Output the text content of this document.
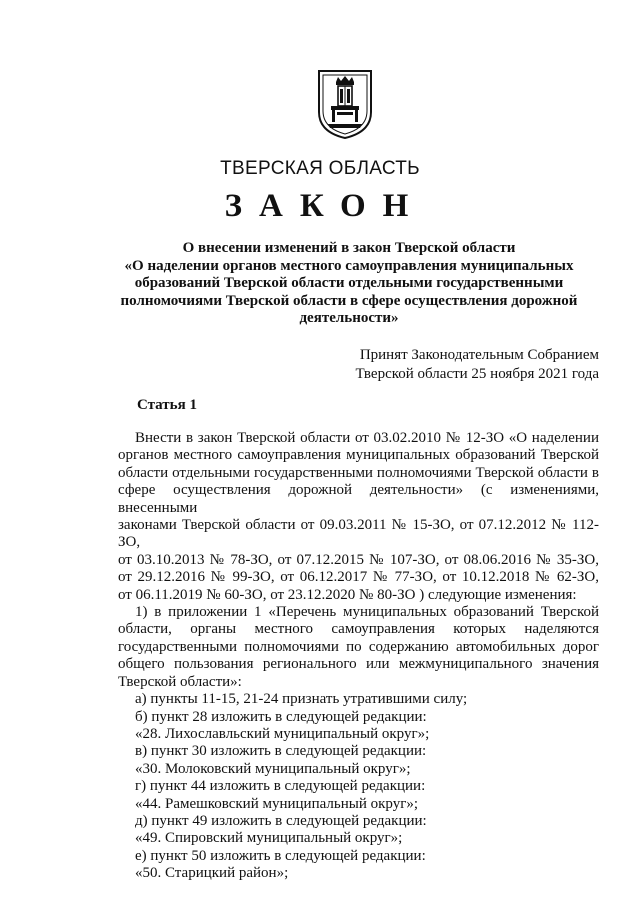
ТВЕРСКАЯ ОБЛАСТЬ
ЗАКОН
О внесении изменений в закон Тверской области
«О наделении органов местного самоуправления муниципальных
образований Тверской области отдельными государственными
полномочиями Тверской области в сфере осуществления дорожной
деятельности»
Принят Законодательным Собранием
Тверской области 25 ноября 2021 года
Статья 1
Внести в закон Тверской области от 03.02.2010 № 12-ЗО «О наделении
органов местного самоуправления муниципальных образований Тверской
области отдельными государственными полномочиями Тверской области в
сфере осуществления дорожной деятельности» (с изменениями, внесенными
законами Тверской области от 09.03.2011 № 15-ЗО, от 07.12.2012 № 112-ЗО,
от 03.10.2013 № 78-ЗО, от 07.12.2015 № 107-ЗО, от 08.06.2016 № 35-ЗО,
от 29.12.2016 № 99-ЗО, от 06.12.2017 № 77-ЗО, от 10.12.2018 № 62-ЗО,
от 06.11.2019 № 60-ЗО, от 23.12.2020 № 80-ЗО ) следующие изменения:
1) в приложении 1 «Перечень муниципальных образований Тверской
области, органы местного самоуправления которых наделяются
государственными полномочиями по содержанию автомобильных дорог
общего пользования регионального или межмуниципального значения
Тверской области»:
а) пункты 11-15, 21-24 признать утратившими силу;
б) пункт 28 изложить в следующей редакции:
«28. Лихославльский муниципальный округ»;
в) пункт 30 изложить в следующей редакции:
«30. Молоковский муниципальный округ»;
г) пункт 44 изложить в следующей редакции:
«44. Рамешковский муниципальный округ»;
д) пункт 49 изложить в следующей редакции:
«49. Спировский муниципальный округ»;
е) пункт 50 изложить в следующей редакции:
«50. Старицкий район»;
